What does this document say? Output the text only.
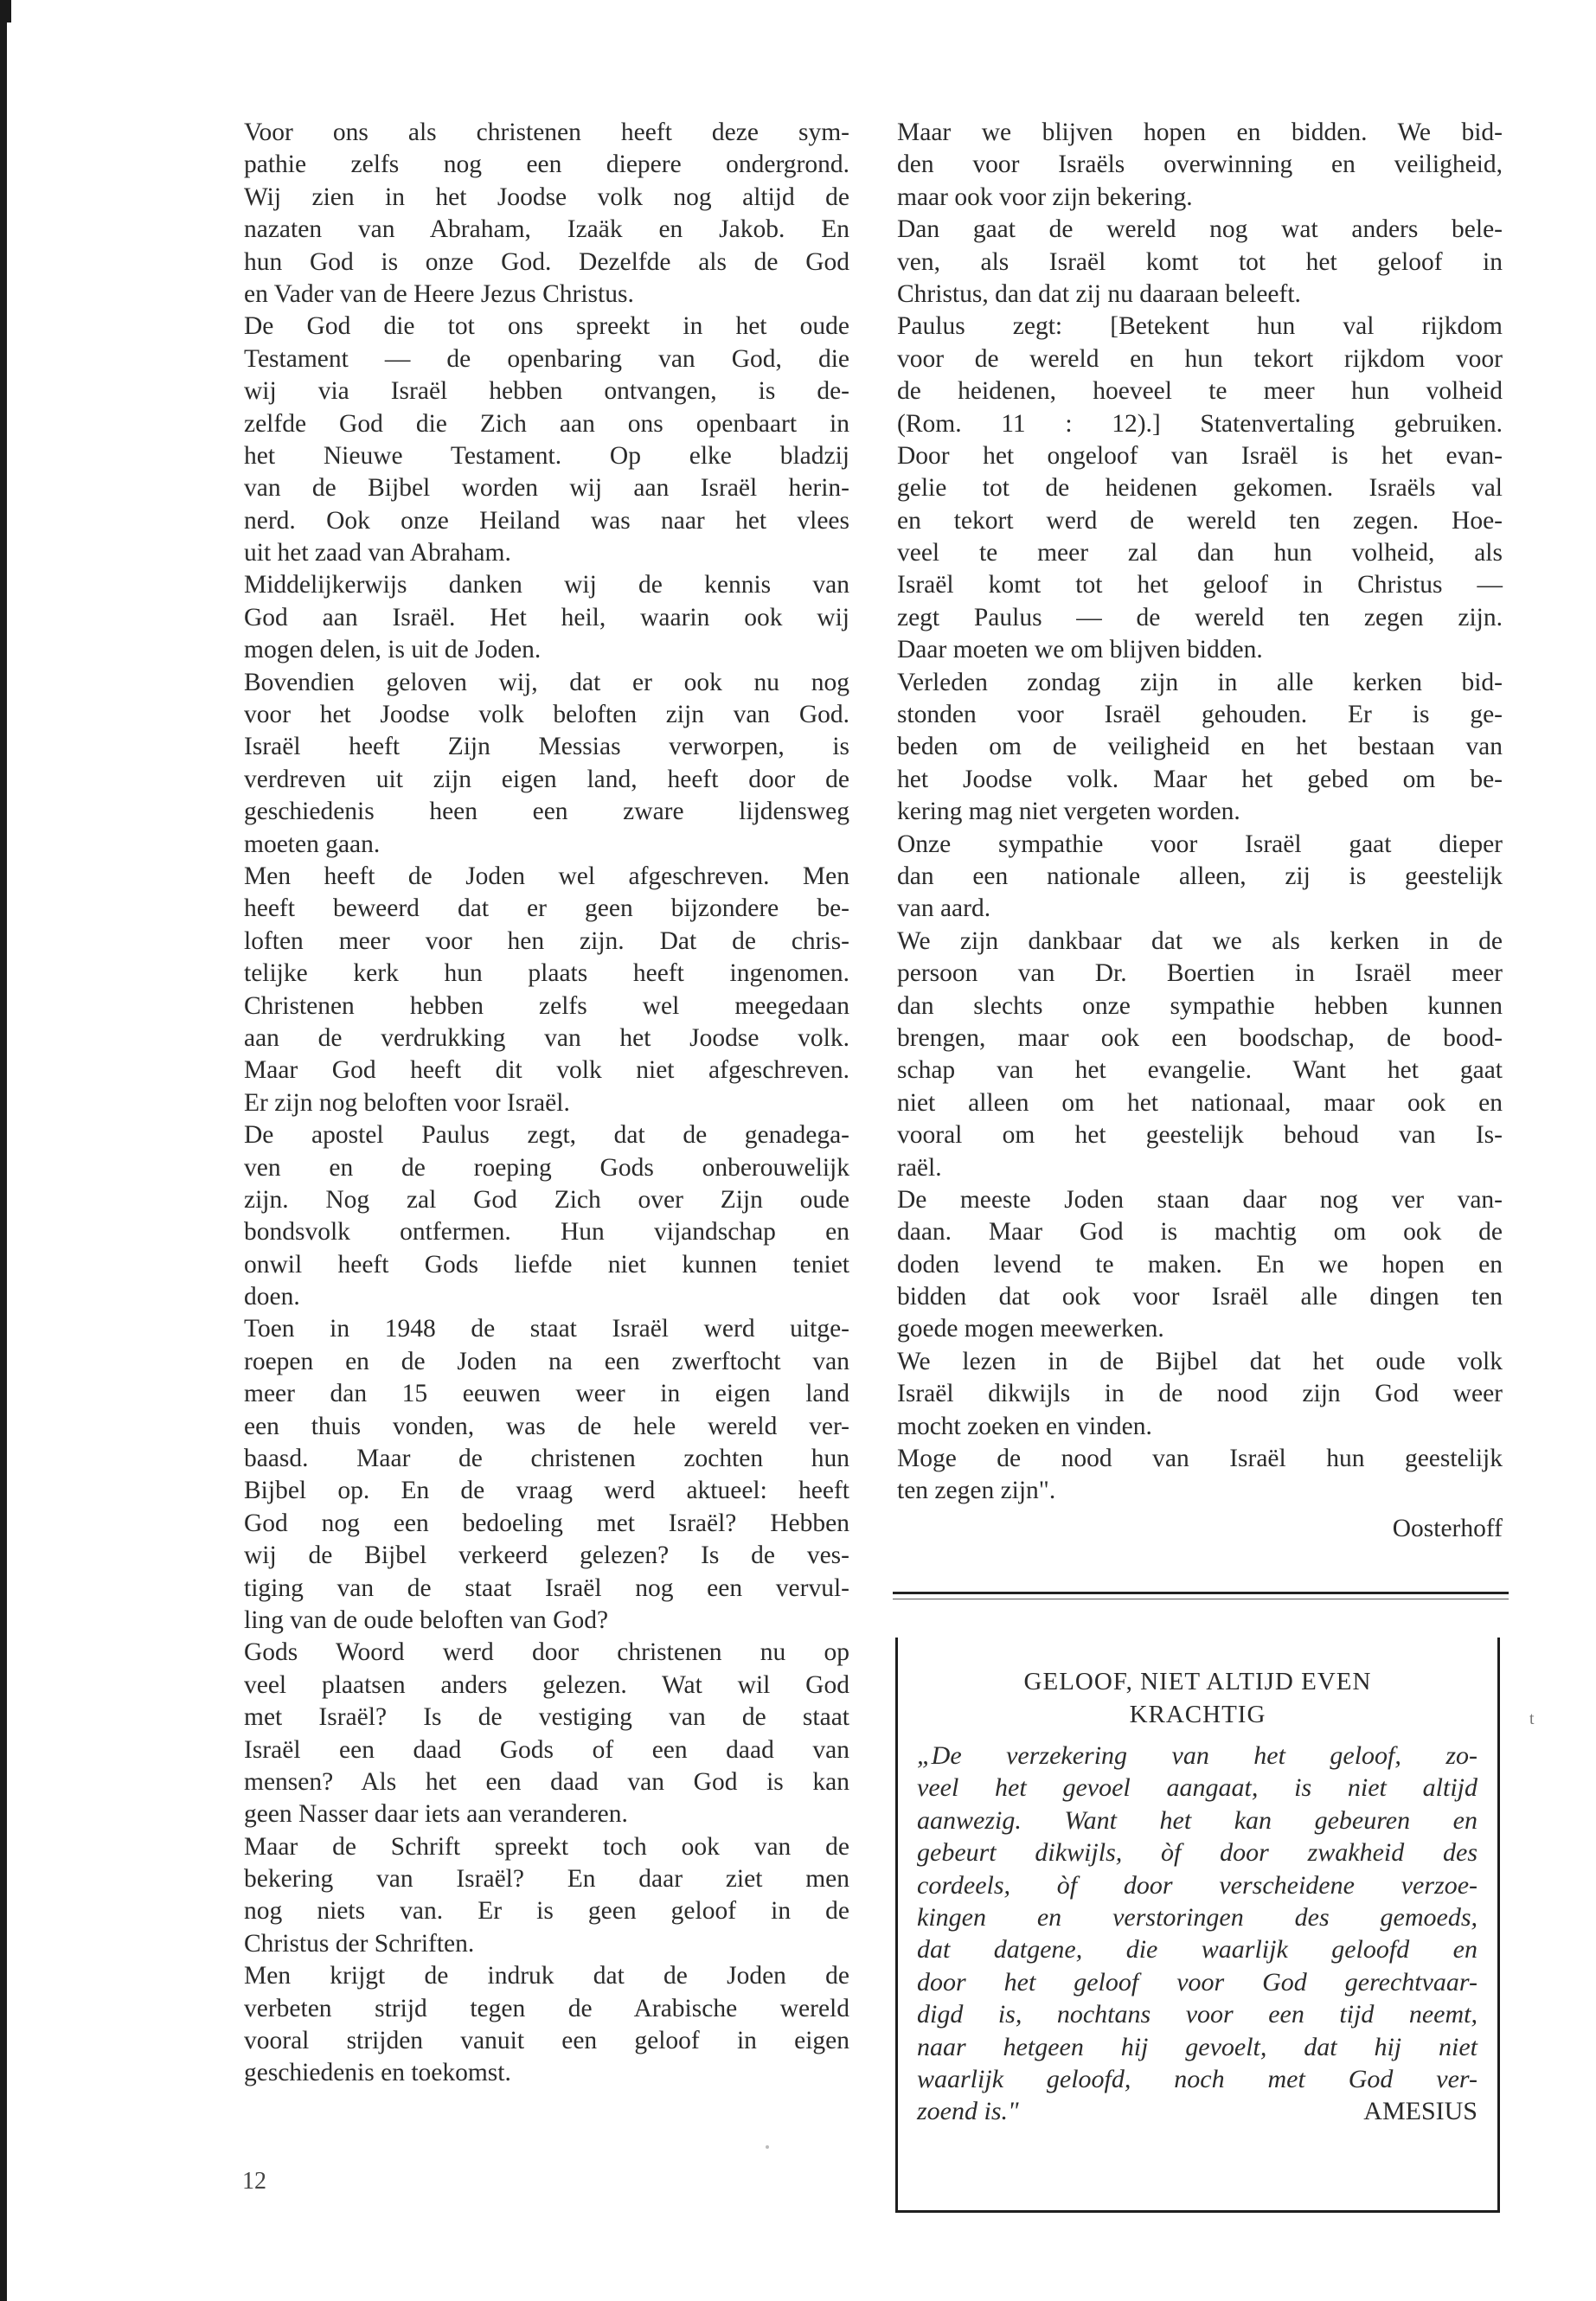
Voor ons als christenen heeft deze sym-
pathie zelfs nog een diepere ondergrond.
Wij zien in het Joodse volk nog altijd de
nazaten van Abraham, Izaäk en Jakob. En
hun God is onze God. Dezelfde als de God
en Vader van de Heere Jezus Christus.
De God die tot ons spreekt in het oude
Testament — de openbaring van God, die
wij via Israël hebben ontvangen, is de-
zelfde God die Zich aan ons openbaart in
het Nieuwe Testament. Op elke bladzij
van de Bijbel worden wij aan Israël herin-
nerd. Ook onze Heiland was naar het vlees
uit het zaad van Abraham.
Middelijkerwijs danken wij de kennis van
God aan Israël. Het heil, waarin ook wij
mogen delen, is uit de Joden.
Bovendien geloven wij, dat er ook nu nog
voor het Joodse volk beloften zijn van God.
Israël heeft Zijn Messias verworpen, is
verdreven uit zijn eigen land, heeft door de
geschiedenis heen een zware lijdensweg
moeten gaan.
Men heeft de Joden wel afgeschreven. Men
heeft beweerd dat er geen bijzondere be-
loften meer voor hen zijn. Dat de chris-
telijke kerk hun plaats heeft ingenomen.
Christenen hebben zelfs wel meegedaan
aan de verdrukking van het Joodse volk.
Maar God heeft dit volk niet afgeschreven.
Er zijn nog beloften voor Israël.
De apostel Paulus zegt, dat de genadega-
ven en de roeping Gods onberouwelijk
zijn. Nog zal God Zich over Zijn oude
bondsvolk ontfermen. Hun vijandschap en
onwil heeft Gods liefde niet kunnen teniet
doen.
Toen in 1948 de staat Israël werd uitge-
roepen en de Joden na een zwerftocht van
meer dan 15 eeuwen weer in eigen land
een thuis vonden, was de hele wereld ver-
baasd. Maar de christenen zochten hun
Bijbel op. En de vraag werd aktueel: heeft
God nog een bedoeling met Israël? Hebben
wij de Bijbel verkeerd gelezen? Is de ves-
tiging van de staat Israël nog een vervul-
ling van de oude beloften van God?
Gods Woord werd door christenen nu op
veel plaatsen anders gelezen. Wat wil God
met Israël? Is de vestiging van de staat
Israël een daad Gods of een daad van
mensen? Als het een daad van God is kan
geen Nasser daar iets aan veranderen.
Maar de Schrift spreekt toch ook van de
bekering van Israël? En daar ziet men
nog niets van. Er is geen geloof in de
Christus der Schriften.
Men krijgt de indruk dat de Joden de
verbeten strijd tegen de Arabische wereld
vooral strijden vanuit een geloof in eigen
geschiedenis en toekomst.
Maar we blijven hopen en bidden. We bid-
den voor Israëls overwinning en veiligheid,
maar ook voor zijn bekering.
Dan gaat de wereld nog wat anders bele-
ven, als Israël komt tot het geloof in
Christus, dan dat zij nu daaraan beleeft.
Paulus zegt: [Betekent hun val rijkdom
voor de wereld en hun tekort rijkdom voor
de heidenen, hoeveel te meer hun volheid
(Rom. 11 : 12).] Statenvertaling gebruiken.
Door het ongeloof van Israël is het evan-
gelie tot de heidenen gekomen. Israëls val
en tekort werd de wereld ten zegen. Hoe-
veel te meer zal dan hun volheid, als
Israël komt tot het geloof in Christus —
zegt Paulus — de wereld ten zegen zijn.
Daar moeten we om blijven bidden.
Verleden zondag zijn in alle kerken bid-
stonden voor Israël gehouden. Er is ge-
beden om de veiligheid en het bestaan van
het Joodse volk. Maar het gebed om be-
kering mag niet vergeten worden.
Onze sympathie voor Israël gaat dieper
dan een nationale alleen, zij is geestelijk
van aard.
We zijn dankbaar dat we als kerken in de
persoon van Dr. Boertien in Israël meer
dan slechts onze sympathie hebben kunnen
brengen, maar ook een boodschap, de bood-
schap van het evangelie. Want het gaat
niet alleen om het nationaal, maar ook en
vooral om het geestelijk behoud van Is-
raël.
De meeste Joden staan daar nog ver van-
daan. Maar God is machtig om ook de
doden levend te maken. En we hopen en
bidden dat ook voor Israël alle dingen ten
goede mogen meewerken.
We lezen in de Bijbel dat het oude volk
Israël dikwijls in de nood zijn God weer
mocht zoeken en vinden.
Moge de nood van Israël hun geestelijk
ten zegen zijn".
Oosterhoff
GELOOF, NIET ALTIJD EVEN
KRACHTIG
„De verzekering van het geloof, zo-
veel het gevoel aangaat, is niet altijd
aanwezig. Want het kan gebeuren en
gebeurt dikwijls, òf door zwakheid des
cordeels, òf door verscheidene verzoe-
kingen en verstoringen des gemoeds,
dat datgene, die waarlijk geloofd en
door het geloof voor God gerechtvaar-
digd is, nochtans voor een tijd neemt,
naar hetgeen hij gevoelt, dat hij niet
waarlijk geloofd, noch met God ver-
zoend is."	AMESIUS
t
12
